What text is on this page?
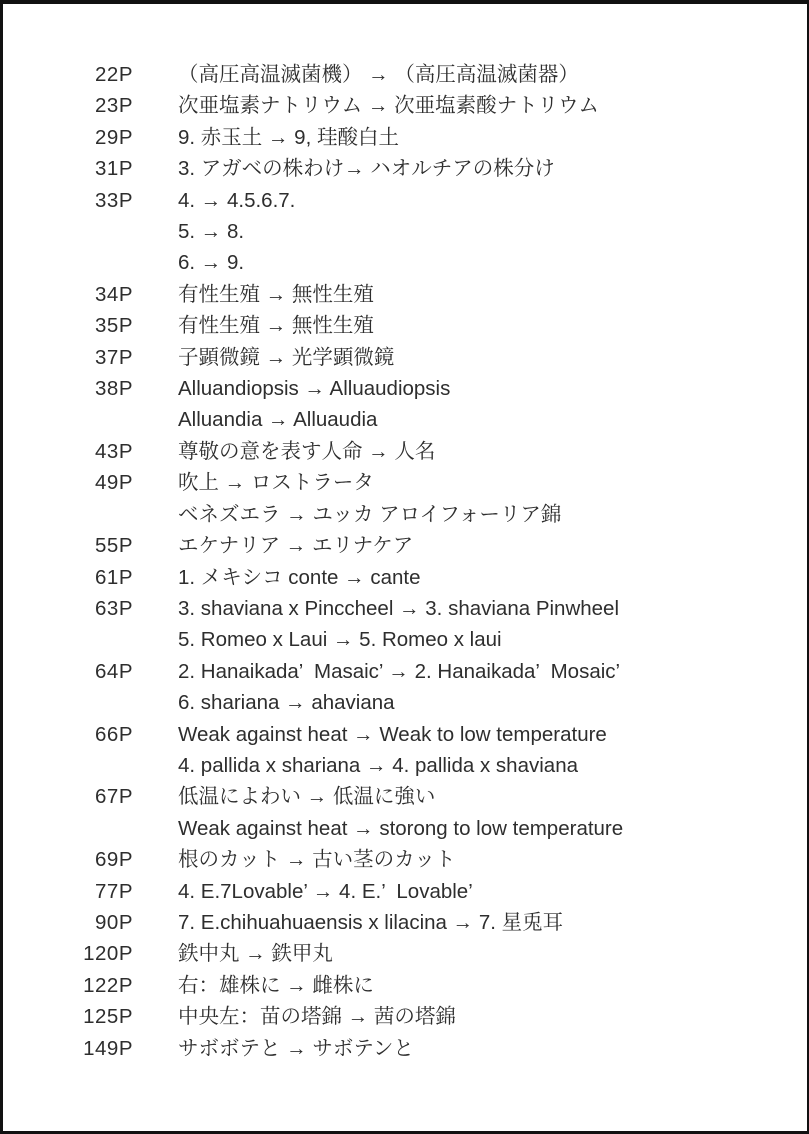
22P （高圧高温滅菌機） → （高圧高温滅菌器）
23P 次亜塩素ナトリウム → 次亜塩素酸ナトリウム
29P 9. 赤玉土 → 9, 珪酸白土
31P 3. アガベの株わけ→ ハオルチアの株分け
33P 4. → 4.5.6.7.
5. → 8.
6. → 9.
34P 有性生殖 → 無性生殖
35P 有性生殖 → 無性生殖
37P 子顕微鏡 → 光学顕微鏡
38P Alluandiopsis → Alluaudiopsis
Alluandia → Alluaudia
43P 尊敬の意を表す人命 → 人名
49P 吹上 → ロストラータ
ベネズエラ → ユッカ アロイフォーリア錦
55P エケナリア → エリナケア
61P 1. メキシコ conte → cante
63P 3. shaviana x Pinccheel → 3. shaviana Pinwheel
5. Romeo x Laui → 5. Romeo x laui
64P 2. Hanaikada’  Masaic’ → 2. Hanaikada’  Mosaic’
6. shariana → ahaviana
66P Weak against heat → Weak to low temperature
4. pallida x shariana → 4. pallida x shaviana
67P 低温によわい → 低温に強い
Weak against heat → storong to low temperature
69P 根のカット → 古い茎のカット
77P 4. E.7Lovable’ → 4. E.’  Lovable’
90P 7. E.chihuahuaensis x lilacina → 7. 星兎耳
120P 鉄中丸 → 鉄甲丸
122P 右：雄株に → 雌株に
125P 中央左：苗の塔錦 → 茜の塔錦
149P サボボテと → サボテンと
